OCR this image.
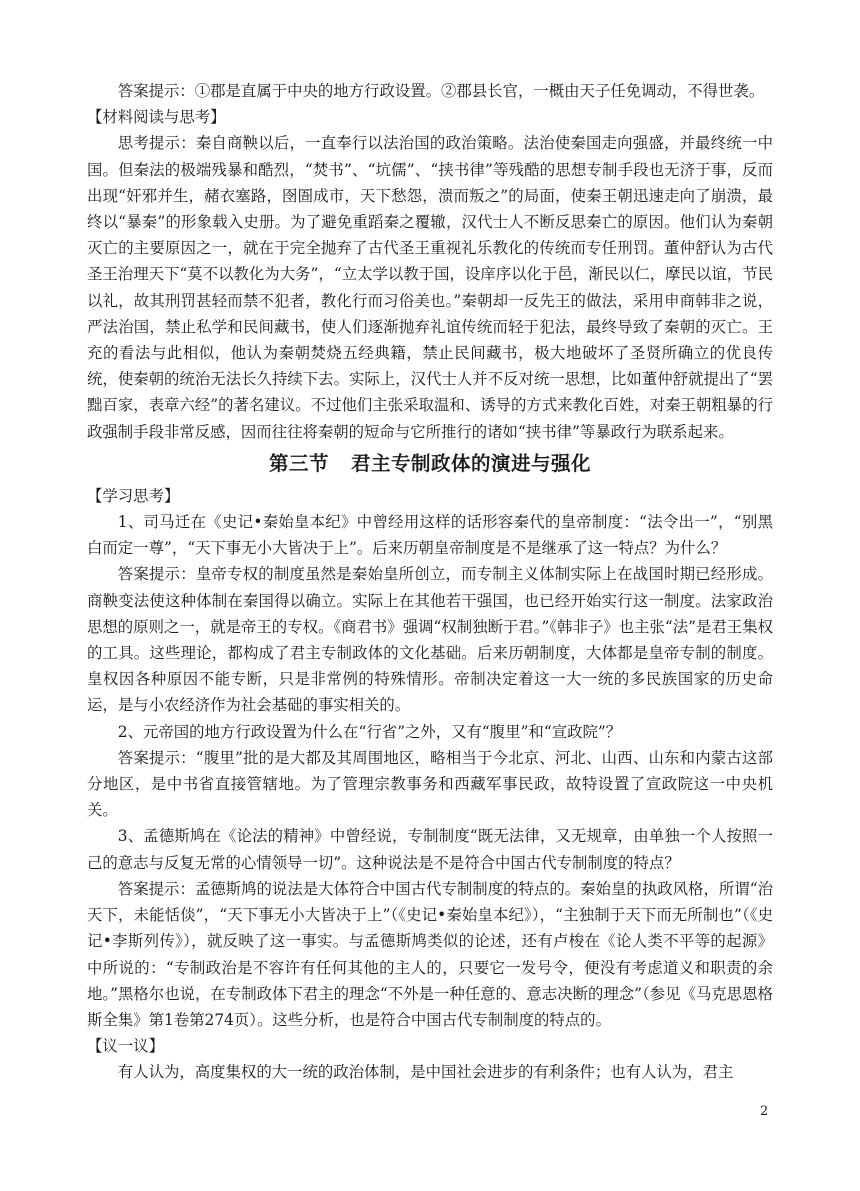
答案提示：①郡是直属于中央的地方行政设置。②郡县长官，一概由天子任免调动，不得世袭。

【材料阅读与思考】

思考提示：秦自商鞅以后，一直奉行以法治国的政治策略。法治使秦国走向强盛，并最终统一中国。但秦法的极端残暴和酷烈，“焚书”、“坑儒”、“挟书律”等残酷的思想专制手段也无济于事，反而出现“奸邪并生，赭衣塞路，囹圄成市，天下愁怨，溃而叛之”的局面，使秦王朝迅速走向了崩溃，最终以“暴秦”的形象载入史册。为了避免重蹈秦之覆辙，汉代士人不断反思秦亡的原因。他们认为秦朝灭亡的主要原因之一，就在于完全抛弃了古代圣王重视礼乐教化的传统而专任刑罚。董仲舒认为古代圣王治理天下“莫不以教化为大务”，“立太学以教于国，设庠序以化于邑，渐民以仁，摩民以谊，节民以礼，故其刑罚甚轻而禁不犯者，教化行而习俗美也。”秦朝却一反先王的做法，采用申商韩非之说，严法治国，禁止私学和民间藏书，使人们逐渐抛弃礼谊传统而轻于犯法，最终导致了秦朝的灭亡。王充的看法与此相似，他认为秦朝焚烧五经典籍，禁止民间藏书，极大地破坏了圣贤所确立的优良传统，使秦朝的统治无法长久持续下去。实际上，汉代士人并不反对统一思想，比如董仲舒就提出了“罢黜百家，表章六经”的著名建议。不过他们主张采取温和、诱导的方式来教化百姓，对秦王朝粗暴的行政强制手段非常反感，因而往往将秦朝的短命与它所推行的诸如“挟书律”等暴政行为联系起来。

第三节 君主专制政体的演进与强化

【学习思考】

1、司马迁在《史记•秦始皇本纪》中曾经用这样的话形容秦代的皇帝制度：“法令出一”，“别黑白而定一尊”，“天下事无小大皆决于上”。后来历朝皇帝制度是不是继承了这一特点？为什么？

答案提示：皇帝专权的制度虽然是秦始皇所创立，而专制主义体制实际上在战国时期已经形成。商鞅变法使这种体制在秦国得以确立。实际上在其他若干强国，也已经开始实行这一制度。法家政治思想的原则之一，就是帝王的专权。《商君书》强调“权制独断于君。”《韩非子》也主张“法”是君王集权的工具。这些理论，都构成了君主专制政体的文化基础。后来历朝制度，大体都是皇帝专制的制度。皇权因各种原因不能专断，只是非常例的特殊情形。帝制决定着这一大一统的多民族国家的历史命运，是与小农经济作为社会基础的事实相关的。

2、元帝国的地方行政设置为什么在“行省”之外，又有“腹里”和“宣政院”？

答案提示：“腹里”批的是大都及其周围地区，略相当于今北京、河北、山西、山东和内蒙古这部分地区，是中书省直接管辖地。为了管理宗教事务和西藏军事民政，故特设置了宣政院这一中央机关。

3、孟德斯鸠在《论法的精神》中曾经说，专制制度“既无法律，又无规章，由单独一个人按照一己的意志与反复无常的心情领导一切”。这种说法是不是符合中国古代专制制度的特点？

答案提示：孟德斯鸠的说法是大体符合中国古代专制制度的特点的。秦始皇的执政风格，所谓“治天下，未能恬倓”，“天下事无小大皆决于上”（《史记•秦始皇本纪》），“主独制于天下而无所制也”（《史记•李斯列传》），就反映了这一事实。与孟德斯鸠类似的论述，还有卢梭在《论人类不平等的起源》中所说的：“专制政治是不容许有任何其他的主人的，只要它一发号令，便没有考虑道义和职责的余地。”黑格尔也说，在专制政体下君主的理念“不外是一种任意的、意志决断的理念”（参见《马克思恩格斯全集》第1卷第274页）。这些分析，也是符合中国古代专制制度的特点的。

【议一议】

有人认为，高度集权的大一统的政治体制，是中国社会进步的有利条件；也有人认为，君主

2
